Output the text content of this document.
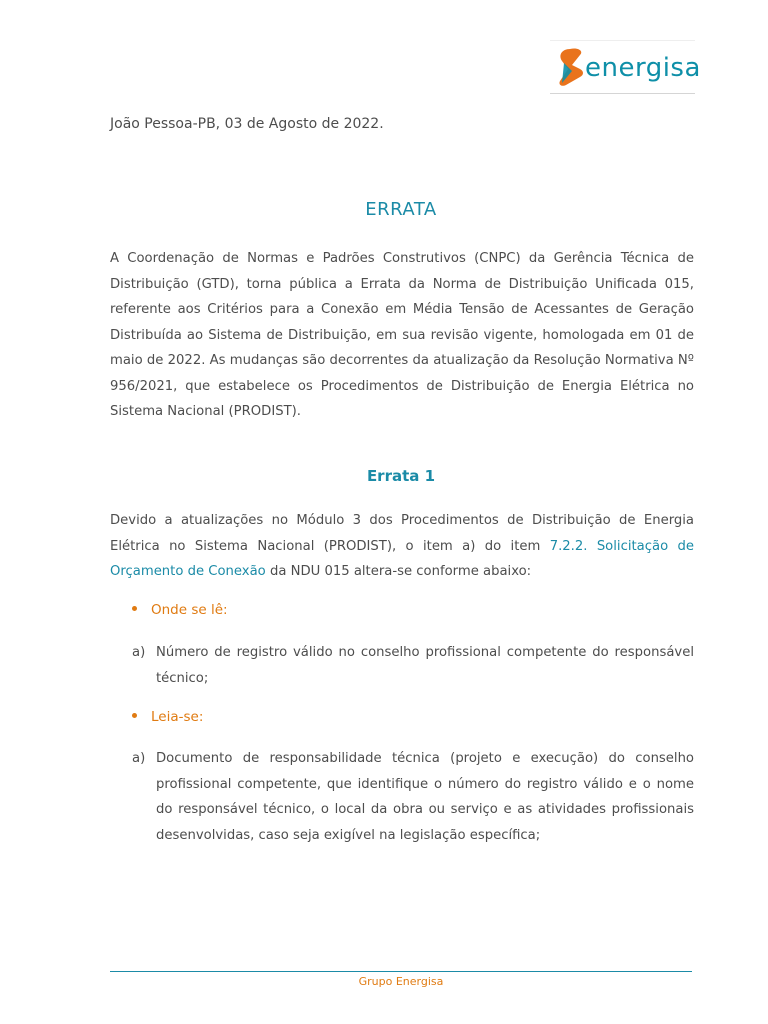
energisa
João Pessoa-PB, 03 de Agosto de 2022.
ERRATA
A Coordenação de Normas e Padrões Construtivos (CNPC) da Gerência Técnica de Distribuição (GTD), torna pública a Errata da Norma de Distribuição Unificada 015, referente aos Critérios para a Conexão em Média Tensão de Acessantes de Geração Distribuída ao Sistema de Distribuição, em sua revisão vigente, homologada em 01 de maio de 2022. As mudanças são decorrentes da atualização da Resolução Normativa Nº 956/2021, que estabelece os Procedimentos de Distribuição de Energia Elétrica no Sistema Nacional (PRODIST).
Errata 1
Devido a atualizações no Módulo 3 dos Procedimentos de Distribuição de Energia Elétrica no Sistema Nacional (PRODIST), o item a) do item 7.2.2. Solicitação de Orçamento de Conexão da NDU 015 altera-se conforme abaixo:
Onde se lê:
a) Número de registro válido no conselho profissional competente do responsável técnico;
Leia-se:
a) Documento de responsabilidade técnica (projeto e execução) do conselho profissional competente, que identifique o número do registro válido e o nome do responsável técnico, o local da obra ou serviço e as atividades profissionais desenvolvidas, caso seja exigível na legislação específica;
Grupo Energisa
